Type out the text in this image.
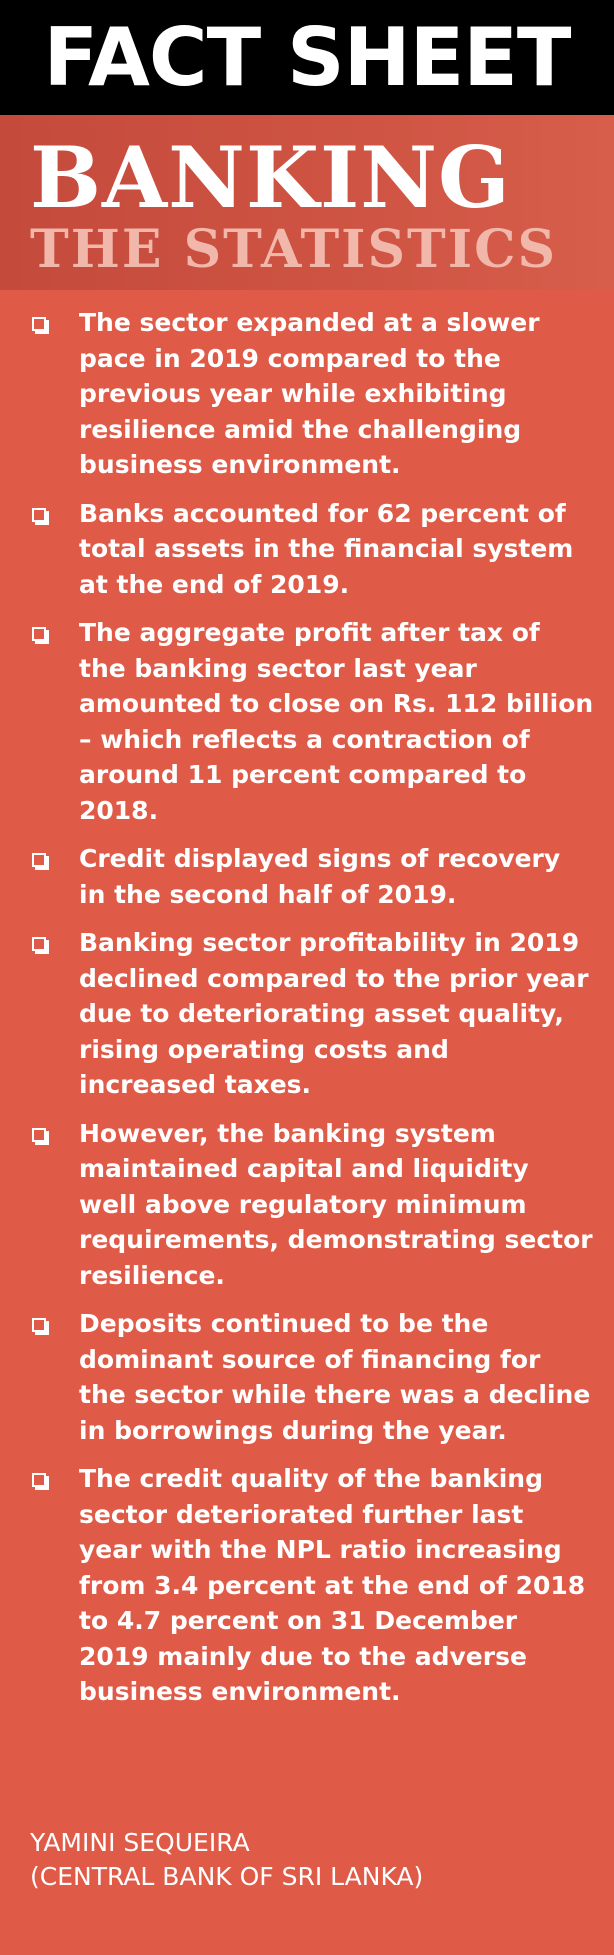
FACT SHEET
BANKING
THE STATISTICS
The sector expanded at a slower pace in 2019 compared to the previous year while exhibiting resilience amid the challenging business environment.
Banks accounted for 62 percent of total assets in the financial system at the end of 2019.
The aggregate profit after tax of the banking sector last year amounted to close on Rs. 112 billion – which reflects a contraction of around 11 percent compared to 2018.
Credit displayed signs of recovery in the second half of 2019.
Banking sector profitability in 2019 declined compared to the prior year due to deteriorating asset quality, rising operating costs and increased taxes.
However, the banking system maintained capital and liquidity well above regulatory minimum requirements, demonstrating sector resilience.
Deposits continued to be the dominant source of financing for the sector while there was a decline in borrowings during the year.
The credit quality of the banking sector deteriorated further last year with the NPL ratio increasing from 3.4 percent at the end of 2018 to 4.7 percent on 31 December 2019 mainly due to the adverse business environment.
YAMINI SEQUEIRA
(CENTRAL BANK OF SRI LANKA)
